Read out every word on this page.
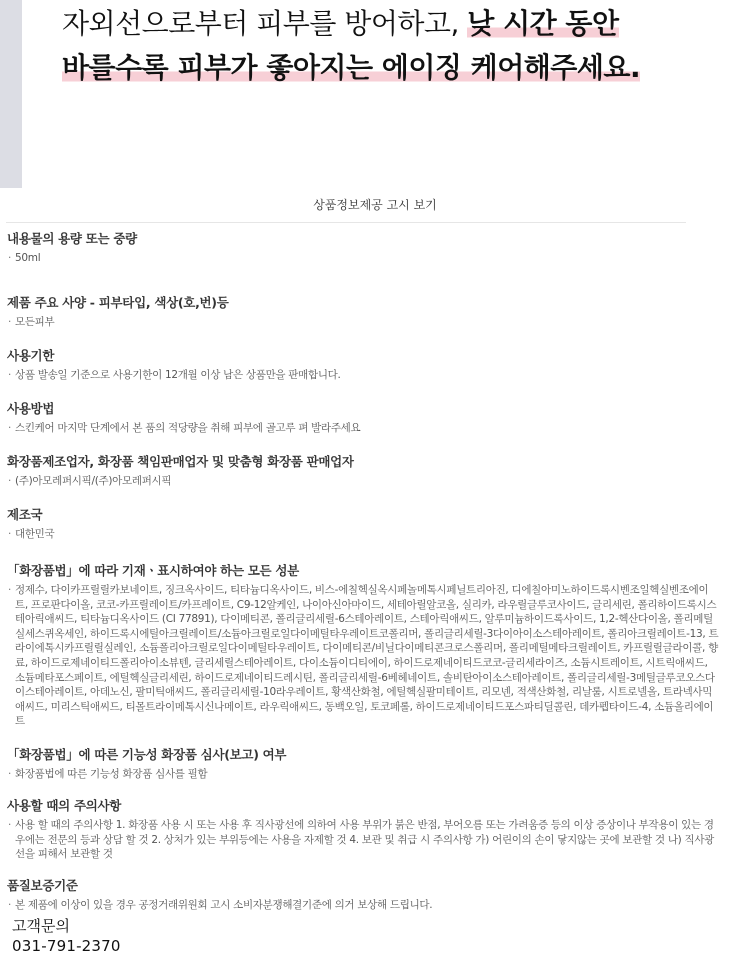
자외선으로부터 피부를 방어하고, 낮 시간 동안
바를수록 피부가 좋아지는 에이징 케어해주세요.
상품정보제공 고시 보기
내용물의 용량 또는 중량
· 50ml
제품 주요 사양 - 피부타입, 색상(호,번)등
· 모든피부
사용기한
· 상품 발송일 기준으로 사용기한이 12개월 이상 남은 상품만을 판매합니다.
사용방법
· 스킨케어 마지막 단계에서 본 품의 적당량을 취해 피부에 골고루 펴 발라주세요
화장품제조업자, 화장품 책임판매업자 및 맞춤형 화장품 판매업자
· (주)아모레퍼시픽/(주)아모레퍼시픽
제조국
· 대한민국
「화장품법」에 따라 기재ㆍ표시하여야 하는 모든 성분
· 정제수, 다이카프릴릴카보네이트, 징크옥사이드, 티타늄디옥사이드, 비스-에칠헥실옥시페놀메톡시페닐트리아진, 디에칠아미노하이드록시벤조일헥실벤조에이트, 프로판다이올, 코코-카프릴레이트/카프레이트, C9-12알케인, 나이아신아마이드, 세테아릴알코올, 실리카, 라우릴글루코사이드, 글리세린, 폴리하이드록시스테아릭애씨드, 티타늄디옥사이드 (CI 77891), 다이메티콘, 폴리글리세릴-6스테아레이트, 스테아릭애씨드, 알루미늄하이드록사이드, 1,2-헥산다이올, 폴리메틸실세스퀴옥세인, 하이드록시에틸아크릴레이트/소듐아크릴로일다이메틸타우레이트코폴리머, 폴리글리세릴-3다이아이소스테아레이트, 폴리아크릴레이트-13, 트라이에톡시카프릴릴실레인, 소듐폴리아크릴로일다이메틸타우레이트, 다이메티콘/비닐다이메티콘크로스폴리머, 폴리메틸메타크릴레이트, 카프릴릴글라이콜, 향료, 하이드로제네이티드폴리아이소뷰텐, 글리세릴스테아레이트, 다이소듐이디티에이, 하이드로제네이티드코코-글리세라이즈, 소듐시트레이트, 시트릭애씨드, 소듐메타포스페이트, 에틸헥실글리세린, 하이드로제네이티드레시틴, 폴리글리세릴-6베헤네이트, 솔비탄아이소스테아레이트, 폴리글리세릴-3메틸글루코오스다이스테아레이트, 아데노신, 팔미틱애씨드, 폴리글리세릴-10라우레이트, 황색산화철, 에틸헥실팔미테이트, 리모넨, 적색산화철, 리날룰, 시트로넬올, 트라넥사믹애씨드, 미리스틱애씨드, 티몰트라이메톡시신나메이트, 라우릭애씨드, 동백오일, 토코페롤, 하이드로제네이티드포스파티딜콜린, 데카펩타이드-4, 소듐올리에이트
「화장품법」에 따른 기능성 화장품 심사(보고) 여부
· 화장품법에 따른 기능성 화장품 심사를 필함
사용할 때의 주의사항
· 사용 할 때의 주의사항 1. 화장품 사용 시 또는 사용 후 직사광선에 의하여 사용 부위가 붉은 반점, 부어오름 또는 가려움증 등의 이상 증상이나 부작용이 있는 경우에는 전문의 등과 상담 할 것 2. 상처가 있는 부위등에는 사용을 자제할 것 4. 보관 및 취급 시 주의사항 가) 어린이의 손이 닿지않는 곳에 보관할 것 나) 직사광선을 피해서 보관할 것
품질보증기준
· 본 제품에 이상이 있을 경우 공정거래위원회 고시 소비자분쟁해결기준에 의거 보상해 드립니다.
고객문의
031-791-2370
